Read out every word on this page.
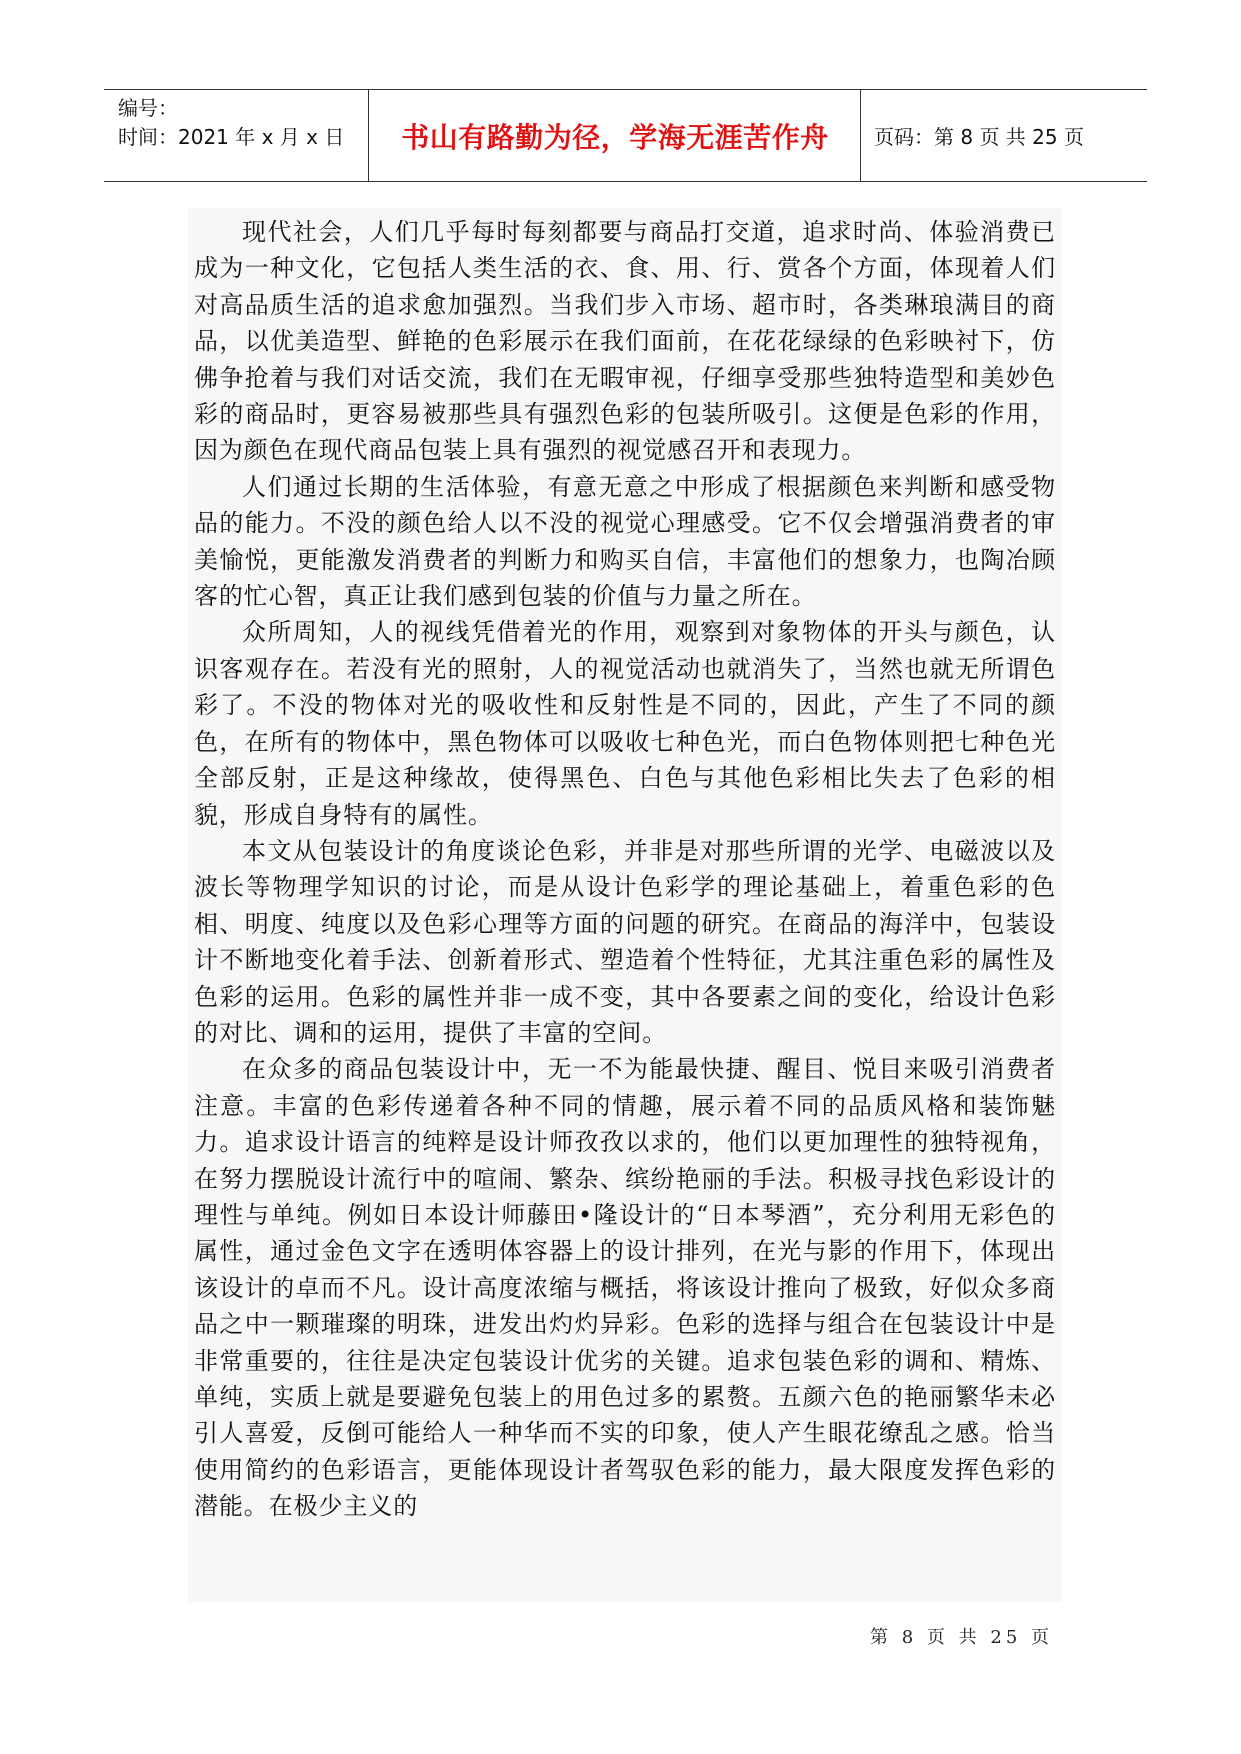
编号：
时间：2021 年 x 月 x 日	书山有路勤为径，学海无涯苦作舟	页码：第 8 页 共 25 页

现代社会，人们几乎每时每刻都要与商品打交道，追求时尚、体验消费已成为一种文化，它包括人类生活的衣、食、用、行、赏各个方面，体现着人们对高品质生活的追求愈加强烈。当我们步入市场、超市时，各类琳琅满目的商品，以优美造型、鲜艳的色彩展示在我们面前，在花花绿绿的色彩映衬下，仿佛争抢着与我们对话交流，我们在无暇审视，仔细享受那些独特造型和美妙色彩的商品时，更容易被那些具有强烈色彩的包装所吸引。这便是色彩的作用，因为颜色在现代商品包装上具有强烈的视觉感召开和表现力。

人们通过长期的生活体验，有意无意之中形成了根据颜色来判断和感受物品的能力。不没的颜色给人以不没的视觉心理感受。它不仅会增强消费者的审美愉悦，更能激发消费者的判断力和购买自信，丰富他们的想象力，也陶冶顾客的忙心智，真正让我们感到包装的价值与力量之所在。

众所周知，人的视线凭借着光的作用，观察到对象物体的开头与颜色，认识客观存在。若没有光的照射，人的视觉活动也就消失了，当然也就无所谓色彩了。不没的物体对光的吸收性和反射性是不同的，因此，产生了不同的颜色，在所有的物体中，黑色物体可以吸收七种色光，而白色物体则把七种色光全部反射，正是这种缘故，使得黑色、白色与其他色彩相比失去了色彩的相貌，形成自身特有的属性。

本文从包装设计的角度谈论色彩，并非是对那些所谓的光学、电磁波以及波长等物理学知识的讨论，而是从设计色彩学的理论基础上，着重色彩的色相、明度、纯度以及色彩心理等方面的问题的研究。在商品的海洋中，包装设计不断地变化着手法、创新着形式、塑造着个性特征，尤其注重色彩的属性及色彩的运用。色彩的属性并非一成不变，其中各要素之间的变化，给设计色彩的对比、调和的运用，提供了丰富的空间。

在众多的商品包装设计中，无一不为能最快捷、醒目、悦目来吸引消费者注意。丰富的色彩传递着各种不同的情趣，展示着不同的品质风格和装饰魅力。追求设计语言的纯粹是设计师孜孜以求的，他们以更加理性的独特视角，在努力摆脱设计流行中的喧闹、繁杂、缤纷艳丽的手法。积极寻找色彩设计的理性与单纯。例如日本设计师藤田•隆设计的“日本琴酒”，充分利用无彩色的属性，通过金色文字在透明体容器上的设计排列，在光与影的作用下，体现出该设计的卓而不凡。设计高度浓缩与概括，将该设计推向了极致，好似众多商品之中一颗璀璨的明珠，进发出灼灼异彩。色彩的选择与组合在包装设计中是非常重要的，往往是决定包装设计优劣的关键。追求包装色彩的调和、精炼、单纯，实质上就是要避免包装上的用色过多的累赘。五颜六色的艳丽繁华未必引人喜爱，反倒可能给人一种华而不实的印象，使人产生眼花缭乱之感。恰当使用简约的色彩语言，更能体现设计者驾驭色彩的能力，最大限度发挥色彩的潜能。在极少主义的

第 8 页 共 25 页
